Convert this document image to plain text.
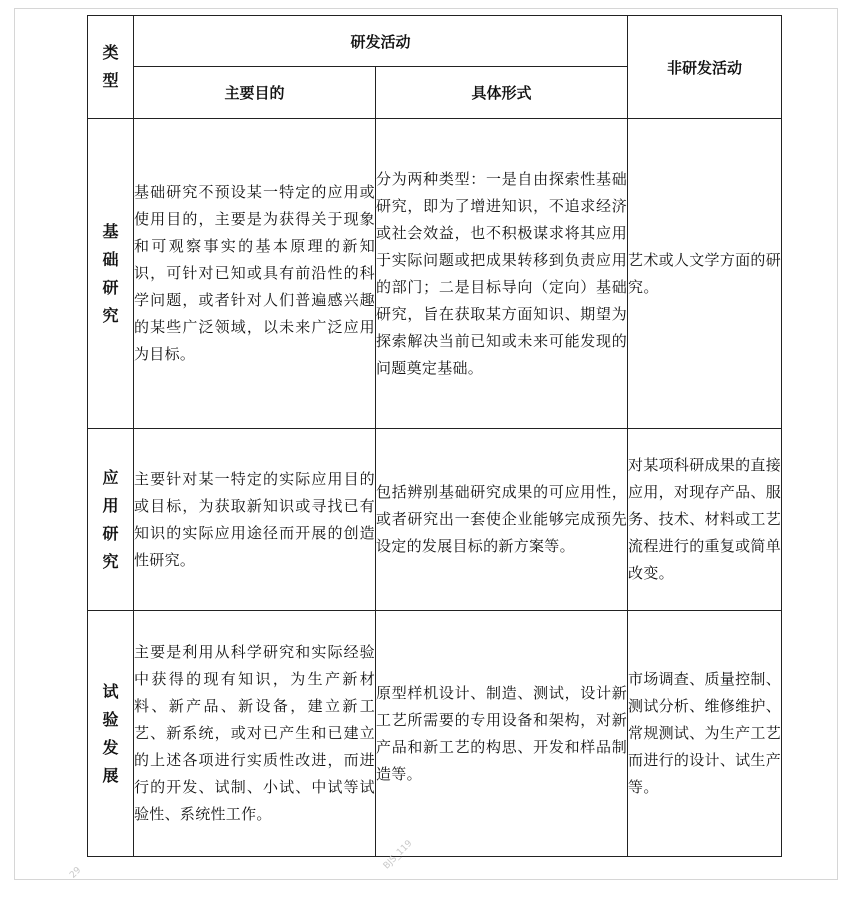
类型	研发活动		非研发活动
	主要目的	具体形式	
基础研究	基础研究不预设某一特定的应用或使用目的，主要是为获得关于现象和可观察事实的基本原理的新知识，可针对已知或具有前沿性的科学问题，或者针对人们普遍感兴趣的某些广泛领域，以未来广泛应用为目标。	分为两种类型：一是自由探索性基础研究，即为了增进知识，不追求经济或社会效益，也不积极谋求将其应用于实际问题或把成果转移到负责应用的部门；二是目标导向（定向）基础研究，旨在获取某方面知识、期望为探索解决当前已知或未来可能发现的问题奠定基础。	艺术或人文学方面的研究。
应用研究	主要针对某一特定的实际应用目的或目标，为获取新知识或寻找已有知识的实际应用途径而开展的创造性研究。	包括辨别基础研究成果的可应用性，或者研究出一套使企业能够完成预先设定的发展目标的新方案等。	对某项科研成果的直接应用，对现存产品、服务、技术、材料或工艺流程进行的重复或简单改变。
试验发展	主要是利用从科学研究和实际经验中获得的现有知识，为生产新材料、新产品、新设备，建立新工艺、新系统，或对已产生和已建立的上述各项进行实质性改进，而进行的开发、试制、小试、中试等试验性、系统性工作。	原型样机设计、制造、测试，设计新工艺所需要的专用设备和架构，对新产品和新工艺的构思、开发和样品制造等。	市场调查、质量控制、测试分析、维修维护、常规测试、为生产工艺而进行的设计、试生产等。
29
BJS_119
